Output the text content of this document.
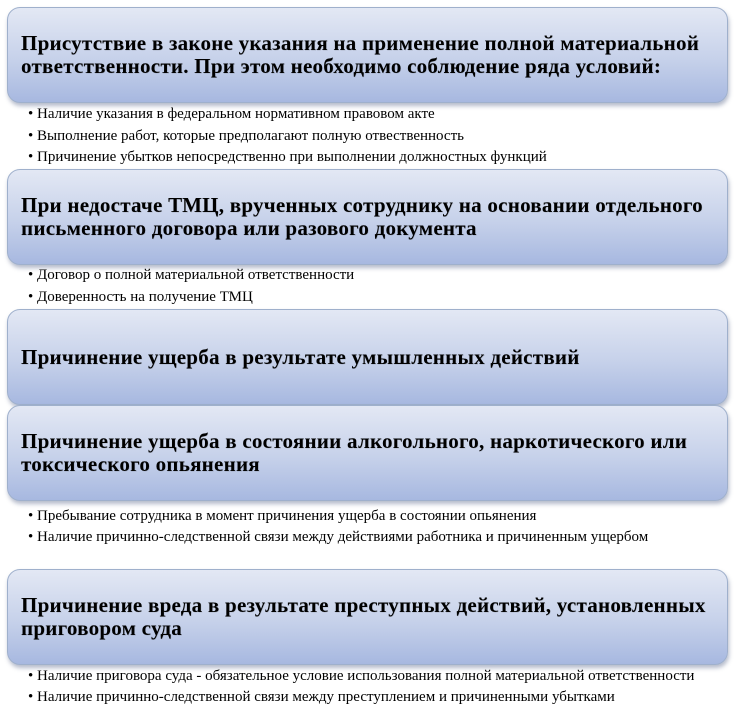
Присутствие в законе указания на применение полной материальной ответственности. При этом необходимо соблюдение ряда условий:
• Наличие указания в федеральном нормативном правовом акте
• Выполнение работ, которые предполагают полную отвественность
• Причинение убытков непосредственно при выполнении должностных функций
При недостаче ТМЦ, врученных сотруднику на основании отдельного письменного договора или разового документа
• Договор о полной материальной ответственности
• Доверенность на получение ТМЦ
Причинение ущерба в результате умышленных действий
Причинение ущерба в состоянии алкогольного, наркотического или токсического опьянения
• Пребывание сотрудника в момент причинения ущерба в состоянии опьянения
• Наличие причинно-следственной связи между действиями работника и причиненным ущербом
Причинение вреда в результате преступных действий, установленных приговором суда
• Наличие приговора суда - обязательное условие использования полной материальной ответственности
• Наличие причинно-следственной связи между преступлением и причиненными убытками
